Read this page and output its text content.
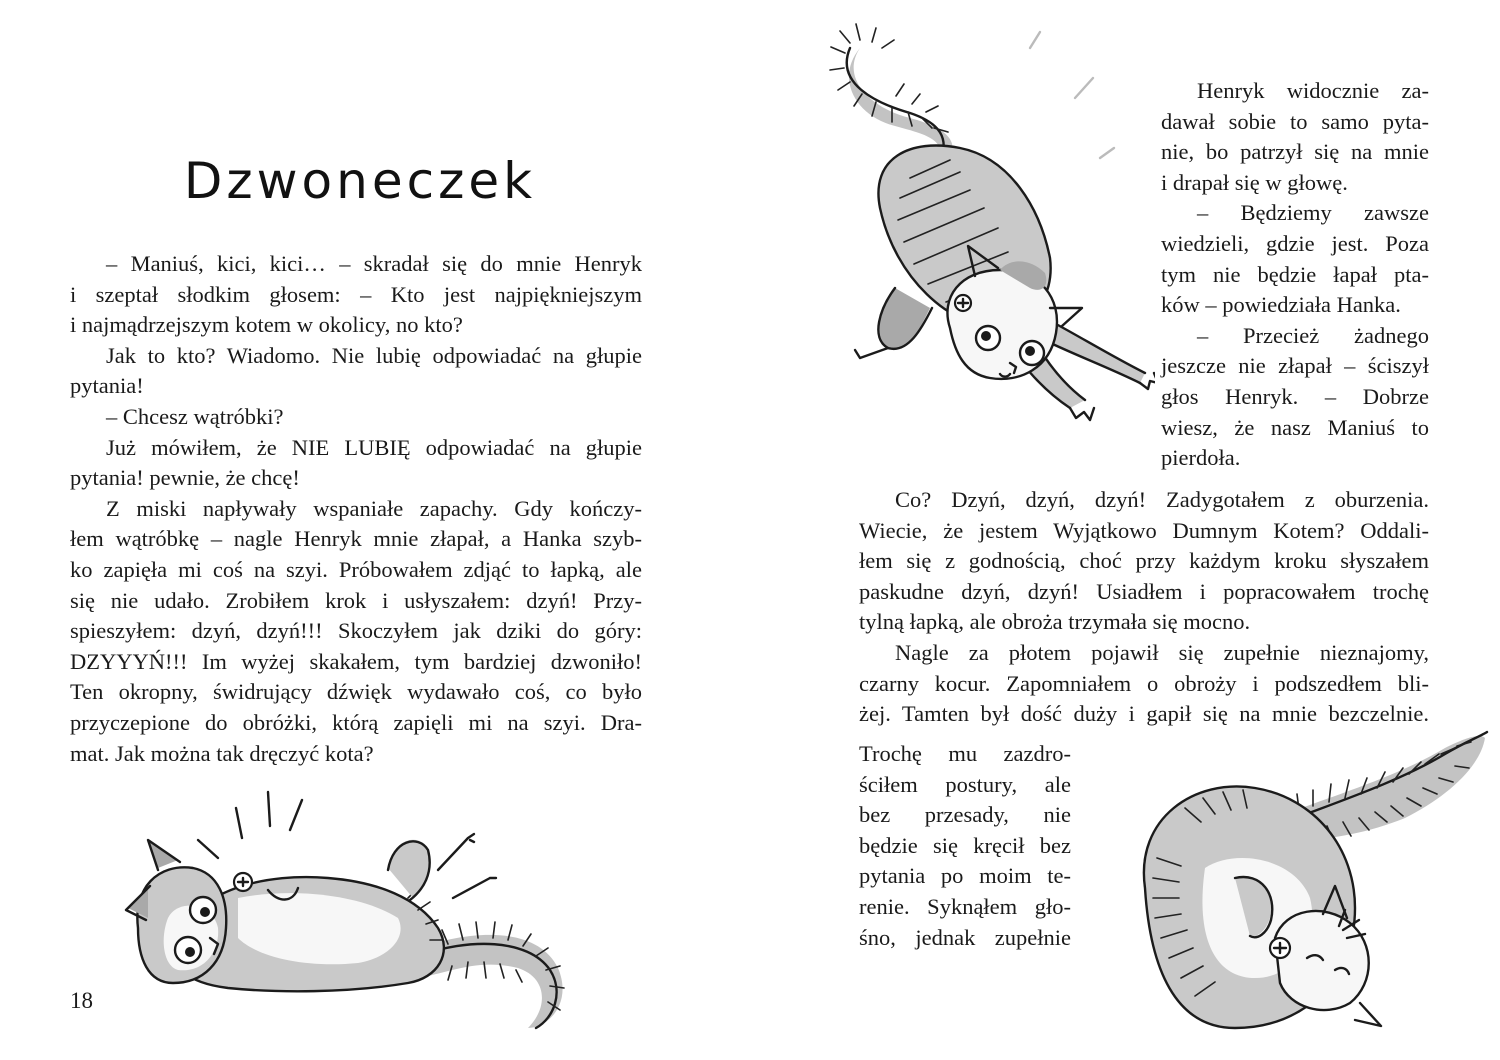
Dzwoneczek
– Maniuś, kici, kici… – skradał się do mnie Henryk
i szeptał słodkim głosem: – Kto jest najpiękniejszym
i najmądrzejszym kotem w okolicy, no kto?
Jak to kto? Wiadomo. Nie lubię odpowiadać na głupie
pytania!
– Chcesz wątróbki?
Już mówiłem, że NIE LUBIĘ odpowiadać na głupie
pytania! pewnie, że chcę!
Z miski napływały wspaniałe zapachy. Gdy kończy-
łem wątróbkę – nagle Henryk mnie złapał, a Hanka szyb-
ko zapięła mi coś na szyi. Próbowałem zdjąć to łapką, ale
się nie udało. Zrobiłem krok i usłyszałem: dzyń! Przy-
spieszyłem: dzyń, dzyń!!! Skoczyłem jak dziki do góry:
DZYYYŃ!!! Im wyżej skakałem, tym bardziej dzwoniło!
Ten okropny, świdrujący dźwięk wydawało coś, co było
przyczepione do obróżki, którą zapięli mi na szyi. Dra-
mat. Jak można tak dręczyć kota?
18
Henryk widocznie za-
dawał sobie to samo pyta-
nie, bo patrzył się na mnie
i drapał się w głowę.
– Będziemy zawsze
wiedzieli, gdzie jest. Poza
tym nie będzie łapał pta-
ków – powiedziała Hanka.
– Przecież żadnego
jeszcze nie złapał – ściszył
głos Henryk. – Dobrze
wiesz, że nasz Maniuś to
pierdoła.
Co? Dzyń, dzyń, dzyń! Zadygotałem z oburzenia.
Wiecie, że jestem Wyjątkowo Dumnym Kotem? Oddali-
łem się z godnością, choć przy każdym kroku słyszałem
paskudne dzyń, dzyń! Usiadłem i popracowałem trochę
tylną łapką, ale obroża trzymała się mocno.
Nagle za płotem pojawił się zupełnie nieznajomy,
czarny kocur. Zapomniałem o obroży i podszedłem bli-
żej. Tamten był dość duży i gapił się na mnie bezczelnie.
Trochę mu zazdro-
ściłem postury, ale
bez przesady, nie
będzie się kręcił bez
pytania po moim te-
renie. Syknąłem gło-
śno, jednak zupełnie
